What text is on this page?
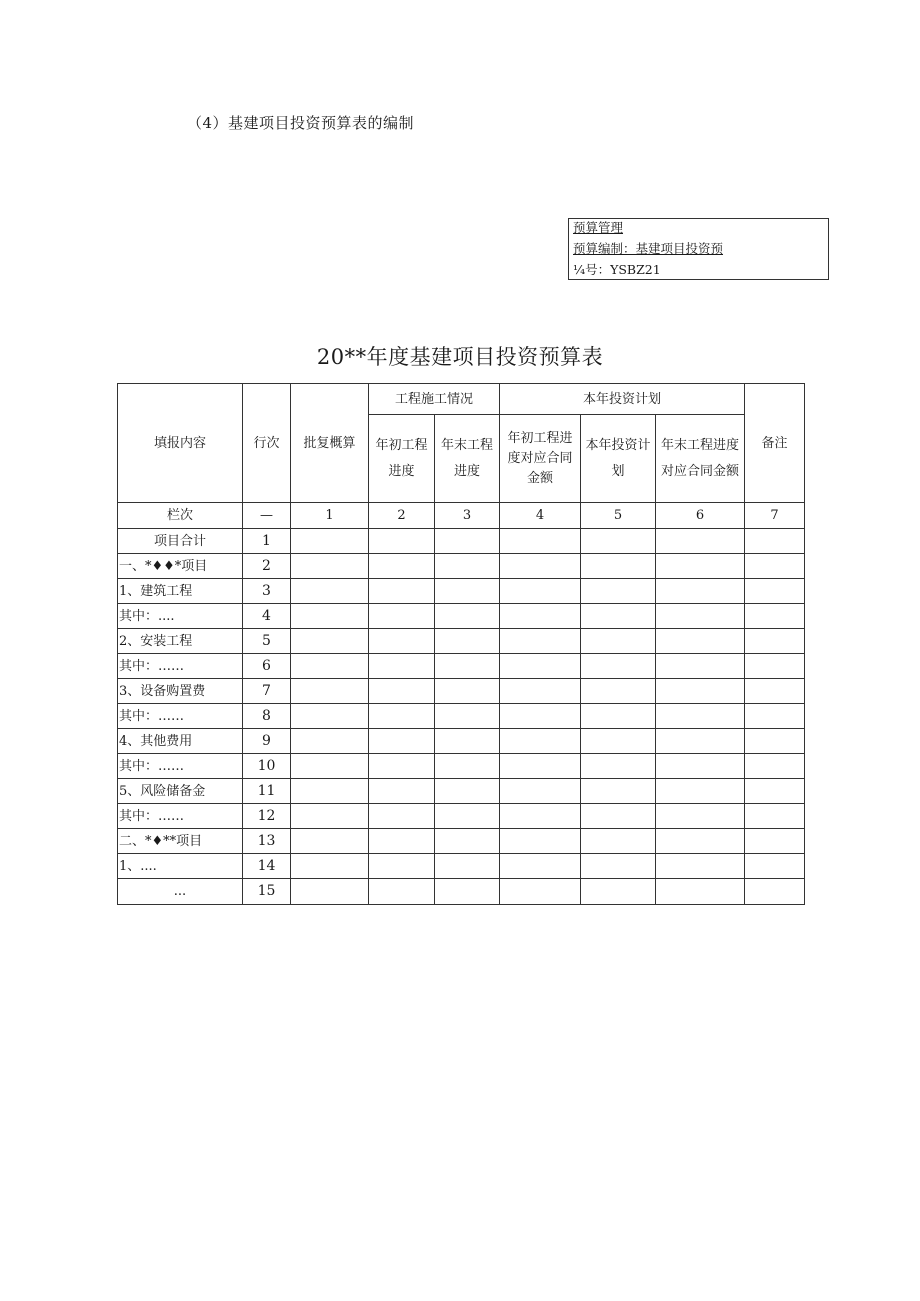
（4）基建项目投资预算表的编制
预算管理
预算编制：基建项目投资预
¼号：YSBZ21
20**年度基建项目投资预算表
填报内容	行次	批复概算	工程施工情况		本年投资计划			备注

			年初工程进度	年末工程进度	年初工程进度对应合同金额	本年投资计划	年末工程进度对应合同金额	

栏次	—	1	2	3	4	5	6	7
项目合计	1							
一、*♦♦*项目	2							
1、建筑工程	3							
其中：....	4							
2、安装工程	5							
其中：……	6							
3、设备购置费	7							
其中：……	8							
4、其他费用	9							
其中：……	10							
5、风险储备金	11							
其中：……	12							
二、*♦**项目	13							
1、....	14							
...	15							
